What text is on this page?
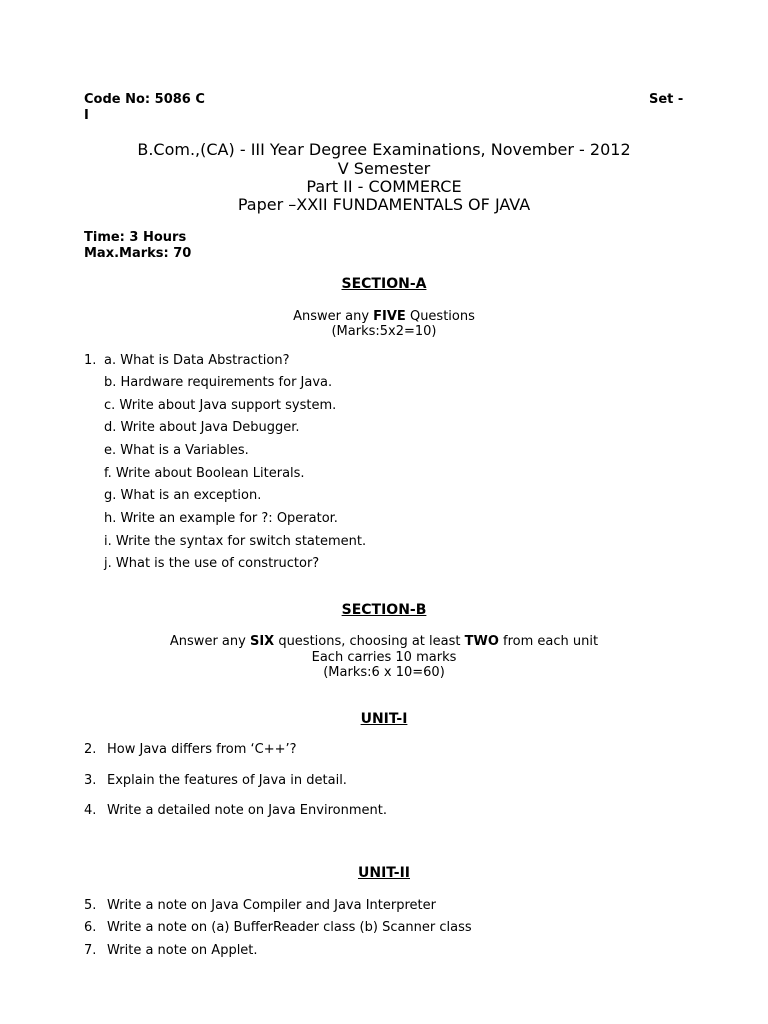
Code No: 5086 C	Set -
I
B.Com.,(CA) - III Year Degree Examinations, November - 2012
V Semester
Part II - COMMERCE
Paper –XXII FUNDAMENTALS OF JAVA
Time: 3 Hours
Max.Marks: 70
SECTION-A
Answer any FIVE Questions
(Marks:5x2=10)
1. a. What is Data Abstraction?
b. Hardware requirements for Java.
c. Write about Java support system.
d. Write about Java Debugger.
e. What is a Variables.
f. Write about Boolean Literals.
g. What is an exception.
h. Write an example for ?: Operator.
i. Write the syntax for switch statement.
j. What is the use of constructor?
SECTION-B
Answer any SIX questions, choosing at least TWO from each unit
Each carries 10 marks
(Marks:6 x 10=60)
UNIT-I
2. How Java differs from ‘C++’?
3. Explain the features of Java in detail.
4. Write a detailed note on Java Environment.
UNIT-II
5. Write a note on Java Compiler and Java Interpreter
6. Write a note on (a) BufferReader class (b) Scanner class
7. Write a note on Applet.
